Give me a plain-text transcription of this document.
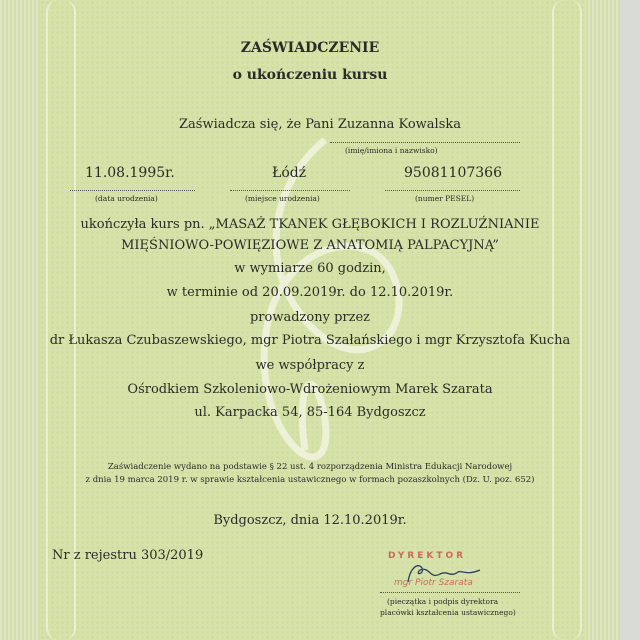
ZAŚWIADCZENIE
o ukończeniu kursu
Zaświadcza się, że Pani Zuzanna Kowalska
(imię/imiona i nazwisko)
11.08.1995r.
(data urodzenia)
Łódź
(miejsce urodzenia)
95081107366
(numer PESEL)
ukończyła kurs pn. „MASAŻ TKANEK GŁĘBOKICH I ROZLUŹNIANIE
MIĘŚNIOWO-POWIĘZIOWE Z ANATOMIĄ PALPACYJNĄ”
w wymiarze 60 godzin,
w terminie od 20.09.2019r. do 12.10.2019r.
prowadzony przez
dr Łukasza Czubaszewskiego, mgr Piotra Szałańskiego i mgr Krzysztofa Kucha
we współpracy z
Ośrodkiem Szkoleniowo-Wdrożeniowym Marek Szarata
ul. Karpacka 54, 85-164 Bydgoszcz
Zaświadczenie wydano na podstawie § 22 ust. 4 rozporządzenia Ministra Edukacji Narodowej
z dnia 19 marca 2019 r. w sprawie kształcenia ustawicznego w formach pozaszkolnych (Dz. U. poz. 652)
Bydgoszcz, dnia 12.10.2019r.
Nr z rejestru 303/2019	DYREKTOR
mgr Piotr Szarata
(pieczątka i podpis dyrektora
placówki kształcenia ustawicznego)
